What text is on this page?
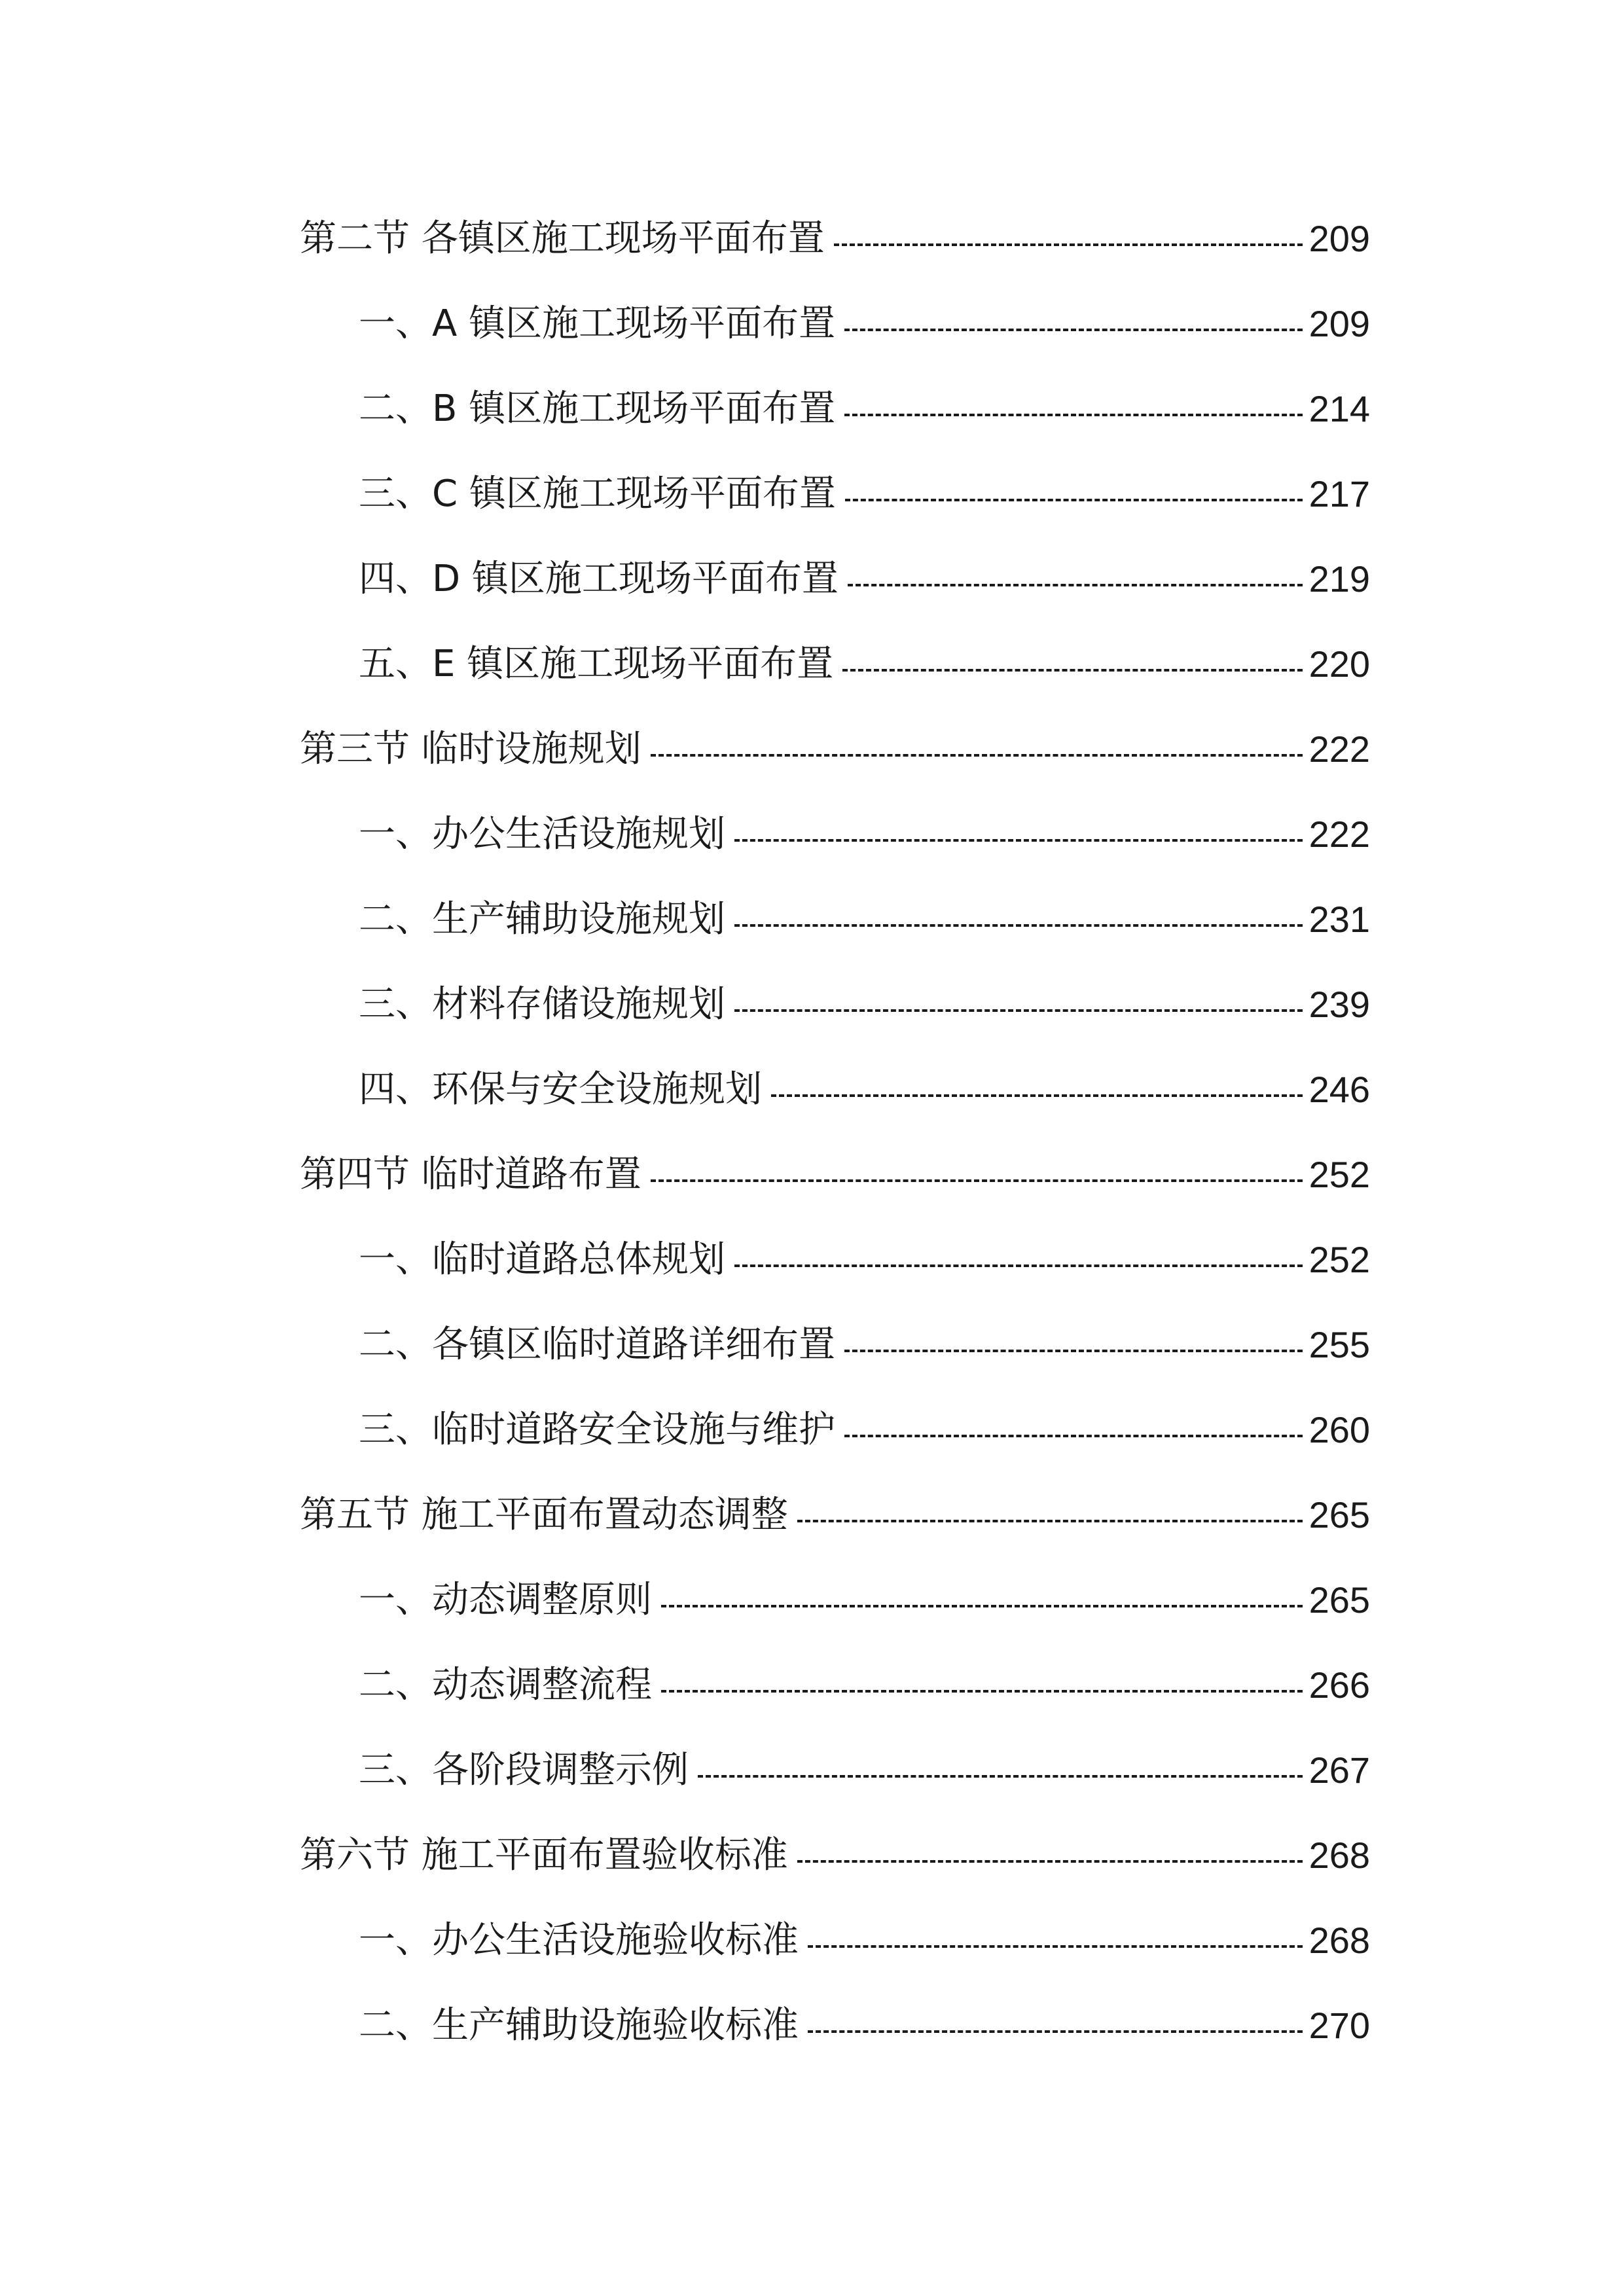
第二节 各镇区施工现场平面布置	209
一、A 镇区施工现场平面布置	209
二、B 镇区施工现场平面布置	214
三、C 镇区施工现场平面布置	217
四、D 镇区施工现场平面布置	219
五、E 镇区施工现场平面布置	220
第三节 临时设施规划	222
一、办公生活设施规划	222
二、生产辅助设施规划	231
三、材料存储设施规划	239
四、环保与安全设施规划	246
第四节 临时道路布置	252
一、临时道路总体规划	252
二、各镇区临时道路详细布置	255
三、临时道路安全设施与维护	260
第五节 施工平面布置动态调整	265
一、动态调整原则	265
二、动态调整流程	266
三、各阶段调整示例	267
第六节 施工平面布置验收标准	268
一、办公生活设施验收标准	268
二、生产辅助设施验收标准	270
